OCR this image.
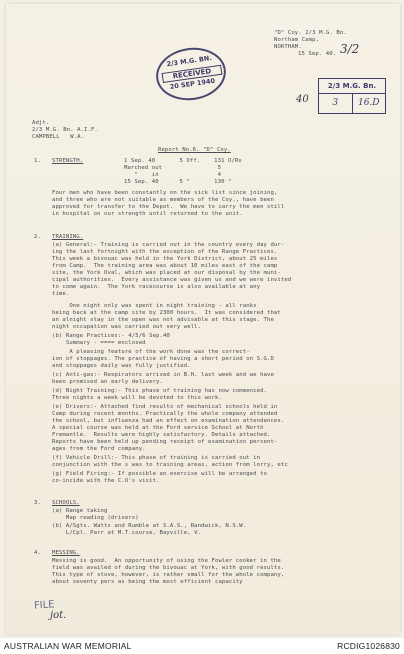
"D" Coy. 2/3 M.G. Bn.
Northam Camp,
NORTHAM.
15 Sep. 40. 3/2
2/3 M.G. BN.
RECEIVED
20 SEP 1940
40
2/3 M.G. Bn.
3	16.D
Adjt.
2/3 M.G. Bn. A.I.F.
CAMPBELL   W.A.
Report No.6. "D" Coy.
1. STRENGTH.	1 Sep. 40       5 Off.    131 O/Rs
Marched out                5
"    in                 4
15 Sep. 40      5 "       130 "
Four men who have been constantly on the sick list since joining,
and three who are not suitable as members of the Coy., have been
approved for transfer to the Depot.  We have to carry the men still
in hospital on our strength until returned to the unit.
2. TRAINING.
(a) General:- Training is carried out in the country every day dur-
ing the last fortnight with the exception of the Range Practices.
This week a bivouac was held in the York District, about 25 miles
from Camp.  The training area was about 10 miles east of the camp
site, the York Oval, which was placed at our disposal by the muni-
cipal authorities.  Every assistance was given us and we were invited
to come again.  The York racecourse is also available at any
time.
One night only was spent in night training - all ranks
being back at the camp site by 2300 hours.  It was considered that
an alnight stay in the open was not advisable at this stage. The
night occupation was carried out very well.
(b) Range Practices:- 4/5/6 Sep.40
Summary - ==== enclosed
A pleasing feature of the work done was the correct-
ion of stoppages. The practice of having a short period on S.G.D
and stoppages daily was fully justified.
(c) Anti-gas:- Respirators arrived in B.H. last week and we have
been promised an early delivery.
(d) Night Training:- This phase of training has now commenced.
Three nights a week will be devoted to this work.
(e) Drivers:- Attached find results of mechanical schools held in
Camp during recent months. Practically the whole company attended
the school, but influenza had an effect on examination attendances.
A special course was held at the Ford service School at North
Fremantle.  Results were highly satisfactory. Details attached.
Reports have been held up pending receipt of examination percent-
ages from the Ford company.
(f) Vehicle Drill:- This phase of training is carried out in
conjunction with the s was to training areas, action from lorry, etc
(g) Field Firing:- If possible an exercise will be arranged to
co-incide with the C.O's visit.
3. SCHOOLS.
(a) Range taking
Map reading (drivers)
(b) A/Sgts. Watts and Rumble at S.A.S., Randwick, N.S.W.
L/Cpl. Parr at M.T.course, Bayville, V.
4. MESSING.
Messing is good.  An opportunity of using the Fowler cooker in the
field was availed of during the bivouac at York, with good results.
This type of stove, however, is rather small for the whole company,
about seventy pers as being the most efficient capacity
FILE
jot.
AUSTRALIAN WAR MEMORIAL	RCDIG1026830
